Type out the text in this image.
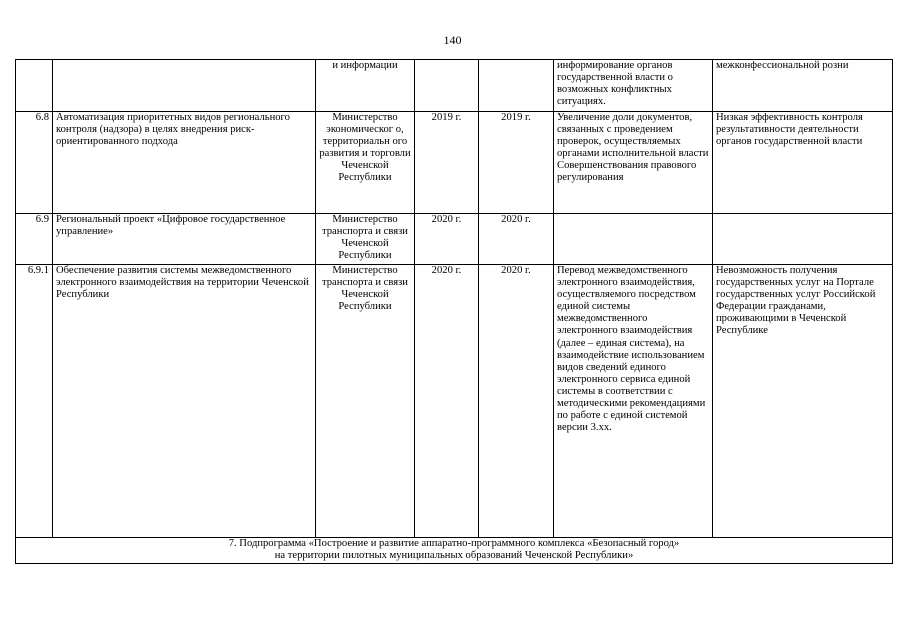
140
		и информации			информирование органов государственной власти о возможных конфликтных ситуациях.	межконфессиональной розни
6.8	Автоматизация приоритетных видов регионального контроля (надзора) в целях внедрения риск-ориентированного подхода	Министерство экономическог о, территориальн ого развития и торговли Чеченской Республики	2019 г.	2019 г.	Увеличение доли документов, связанных с проведением проверок, осуществляемых органами исполнительной власти Совершенствования правового регулирования	Низкая эффективность контроля результативности деятельности органов государственной власти
6.9	Региональный проект «Цифровое государственное управление»	Министерство транспорта и связи Чеченской Республики	2020 г.	2020 г.		
6.9.1	Обеспечение развития системы межведомственного электронного взаимодействия на территории Чеченской Республики	Министерство транспорта и связи Чеченской Республики	2020 г.	2020 г.	Перевод межведомственного электронного взаимодействия, осуществляемого посредством единой системы межведомственного электронного взаимодействия (далее – единая система), на взаимодействие использованием видов сведений единого электронного сервиса единой системы в соответствии с методическими рекомендациями по работе с единой системой версии 3.хх.	Невозможность получения государственных услуг на Портале государственных услуг Российской Федерации гражданами, проживающими в Чеченской Республике

7. Подпрограмма «Построение и развитие аппаратно-программного комплекса «Безопасный город»
на территории пилотных муниципальных образований Чеченской Республики»						
